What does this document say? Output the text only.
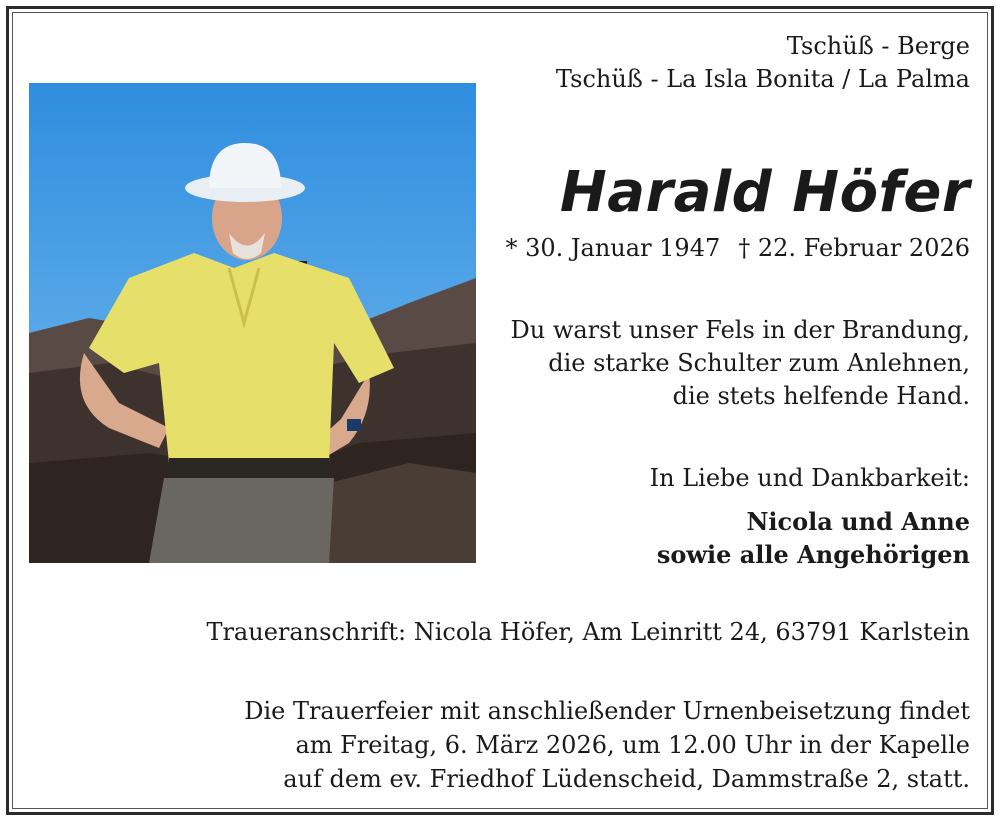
Tschüß - Berge
Tschüß - La Isla Bonita / La Palma
Harald Höfer
* 30. Januar 1947 † 22. Februar 2026
Du warst unser Fels in der Brandung,
die starke Schulter zum Anlehnen,
die stets helfende Hand.
In Liebe und Dankbarkeit:
Nicola und Anne
sowie alle Angehörigen
Traueranschrift: Nicola Höfer, Am Leinritt 24, 63791 Karlstein
Die Trauerfeier mit anschließender Urnenbeisetzung findet
am Freitag, 6. März 2026, um 12.00 Uhr in der Kapelle
auf dem ev. Friedhof Lüdenscheid, Dammstraße 2, statt.
